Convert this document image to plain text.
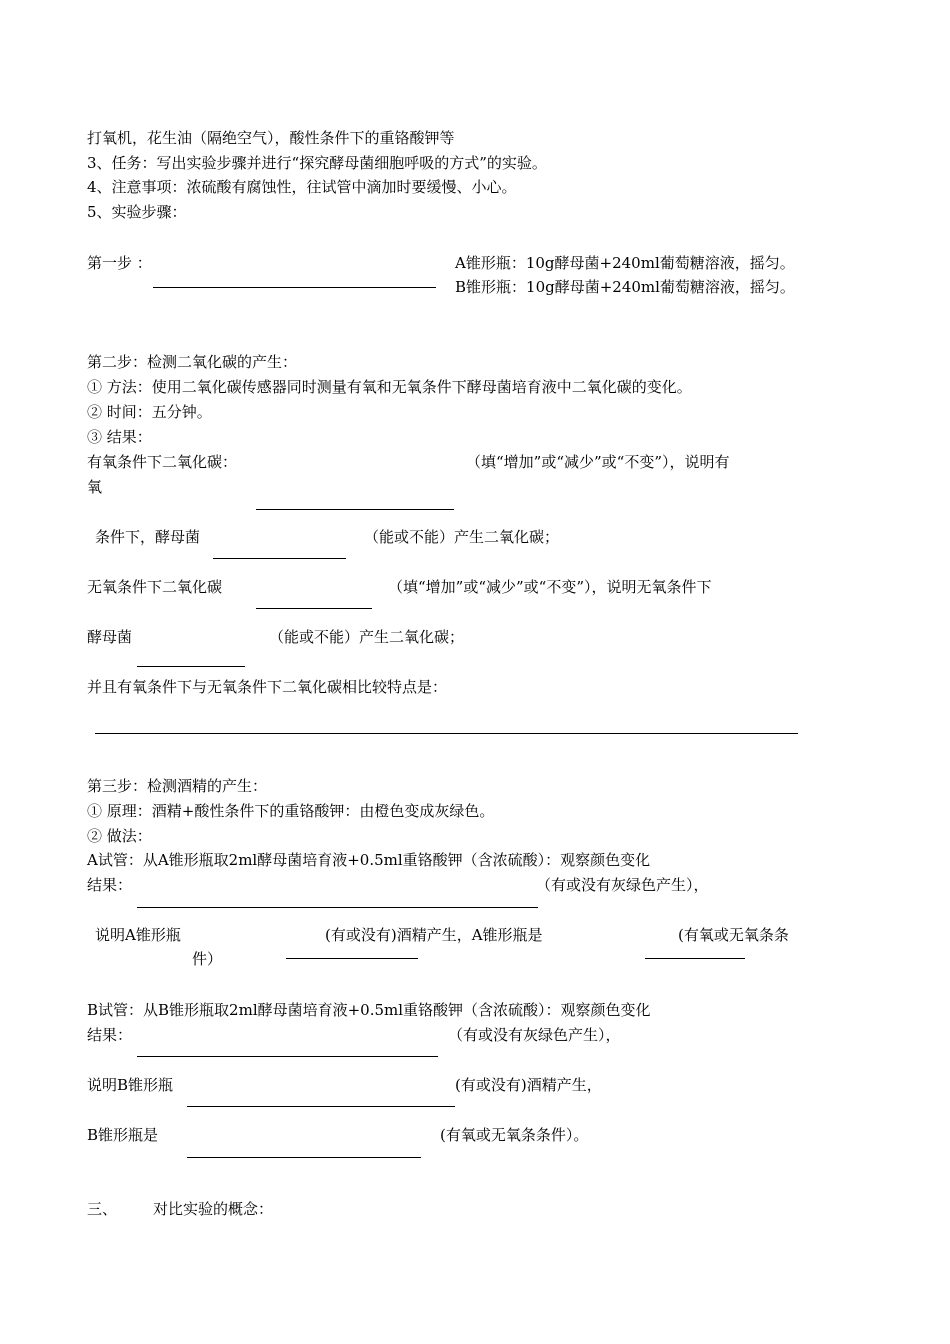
打氧机，花生油（隔绝空气），酸性条件下的重铬酸钾等
3、任务：写出实验步骤并进行“探究酵母菌细胞呼吸的方式”的实验。
4、注意事项：浓硫酸有腐蚀性，往试管中滴加时要缓慢、小心。
5、实验步骤：
第一步 ：	A锥形瓶：10g酵母菌+240ml葡萄糖溶液，摇匀。
B锥形瓶：10g酵母菌+240ml葡萄糖溶液，摇匀。
第二步：检测二氧化碳的产生：
① 方法：使用二氧化碳传感器同时测量有氧和无氧条件下酵母菌培育液中二氧化碳的变化。
② 时间：五分钟。
③ 结果：
有氧条件下二氧化碳：	（填“增加”或“减少”或“不变”），说明有
氧
条件下，酵母菌	（能或不能）产生二氧化碳；
无氧条件下二氧化碳	（填“增加”或“减少”或“不变”），说明无氧条件下
酵母菌	（能或不能）产生二氧化碳；
并且有氧条件下与无氧条件下二氧化碳相比较特点是：
第三步：检测酒精的产生：
① 原理：酒精+酸性条件下的重铬酸钾：由橙色变成灰绿色。
② 做法：
A试管：从A锥形瓶取2ml酵母菌培育液+0.5ml重铬酸钾（含浓硫酸）：观察颜色变化
结果：	（有或没有灰绿色产生），
说明A锥形瓶	(有或没有)酒精产生，A锥形瓶是	(有氧或无氧条条
件）
B试管：从B锥形瓶取2ml酵母菌培育液+0.5ml重铬酸钾（含浓硫酸）：观察颜色变化
结果：	（有或没有灰绿色产生），
说明B锥形瓶	(有或没有)酒精产生，
B锥形瓶是	(有氧或无氧条条件）。
三、 对比实验的概念：
